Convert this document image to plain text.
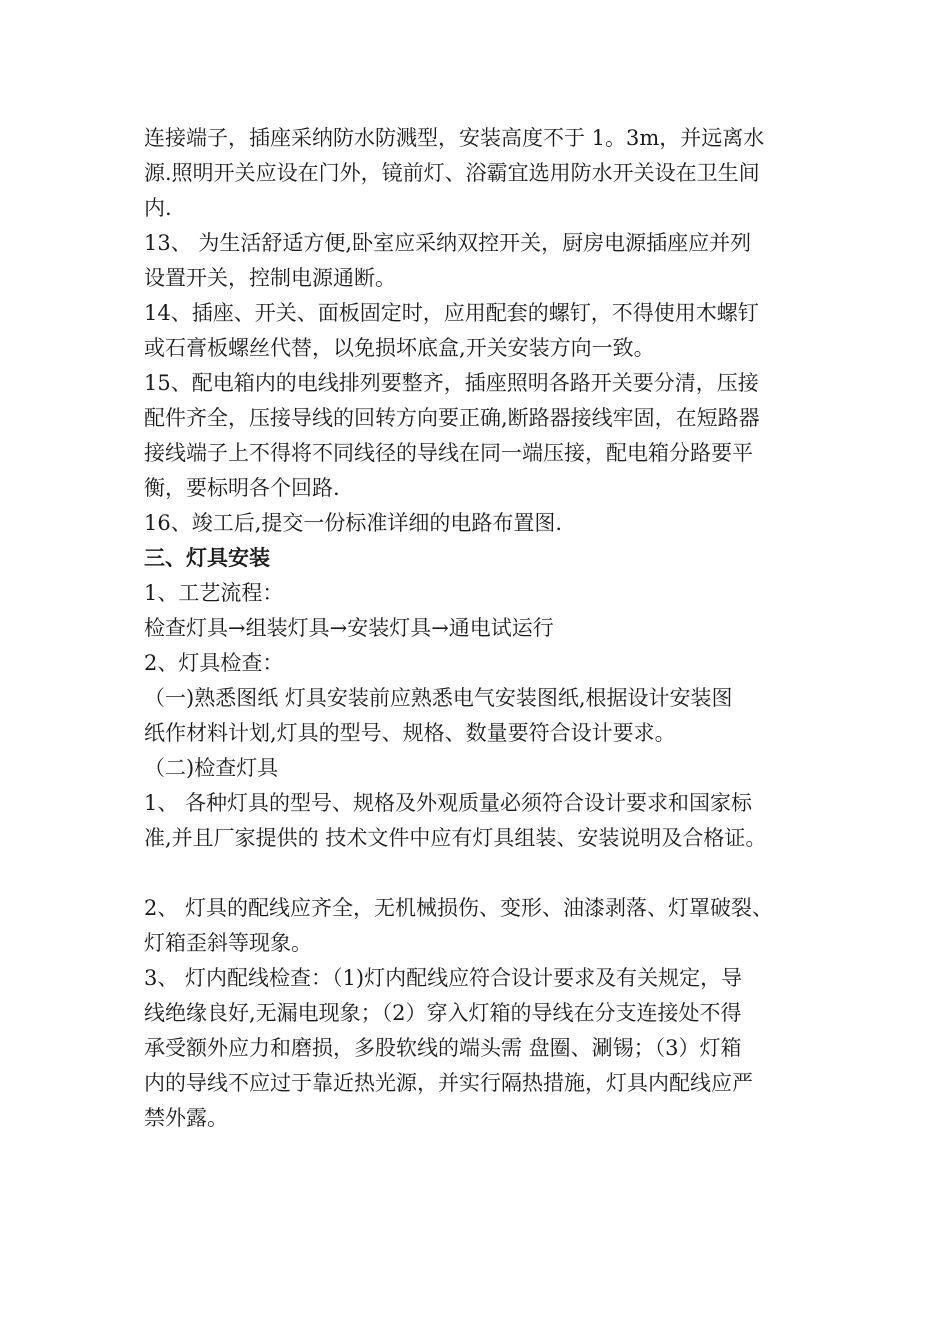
连接端子，插座采纳防水防溅型，安装高度不于 1。3m，并远离水
源.照明开关应设在门外，镜前灯、浴霸宜选用防水开关设在卫生间
内.
13、 为生活舒适方便,卧室应采纳双控开关，厨房电源插座应并列
设置开关，控制电源通断。
14、插座、开关、面板固定时，应用配套的螺钉，不得使用木螺钉
或石膏板螺丝代替，以免损坏底盒,开关安装方向一致。
15、配电箱内的电线排列要整齐，插座照明各路开关要分清，压接
配件齐全，压接导线的回转方向要正确,断路器接线牢固，在短路器
接线端子上不得将不同线径的导线在同一端压接，配电箱分路要平
衡，要标明各个回路.
16、竣工后,提交一份标准详细的电路布置图.
三、灯具安装
1、工艺流程：
检查灯具→组装灯具→安装灯具→通电试运行
2、灯具检查：
（一)熟悉图纸 灯具安装前应熟悉电气安装图纸,根据设计安装图
纸作材料计划,灯具的型号、规格、数量要符合设计要求。
（二)检查灯具
1、 各种灯具的型号、规格及外观质量必须符合设计要求和国家标
准,并且厂家提供的 技术文件中应有灯具组装、安装说明及合格证。
2、 灯具的配线应齐全，无机械损伤、变形、油漆剥落、灯罩破裂、
灯箱歪斜等现象。
3、 灯内配线检查：（1)灯内配线应符合设计要求及有关规定，导
线绝缘良好,无漏电现象；（2）穿入灯箱的导线在分支连接处不得
承受额外应力和磨损，多股软线的端头需 盘圈、涮锡；（3）灯箱
内的导线不应过于靠近热光源，并实行隔热措施，灯具内配线应严
禁外露。
